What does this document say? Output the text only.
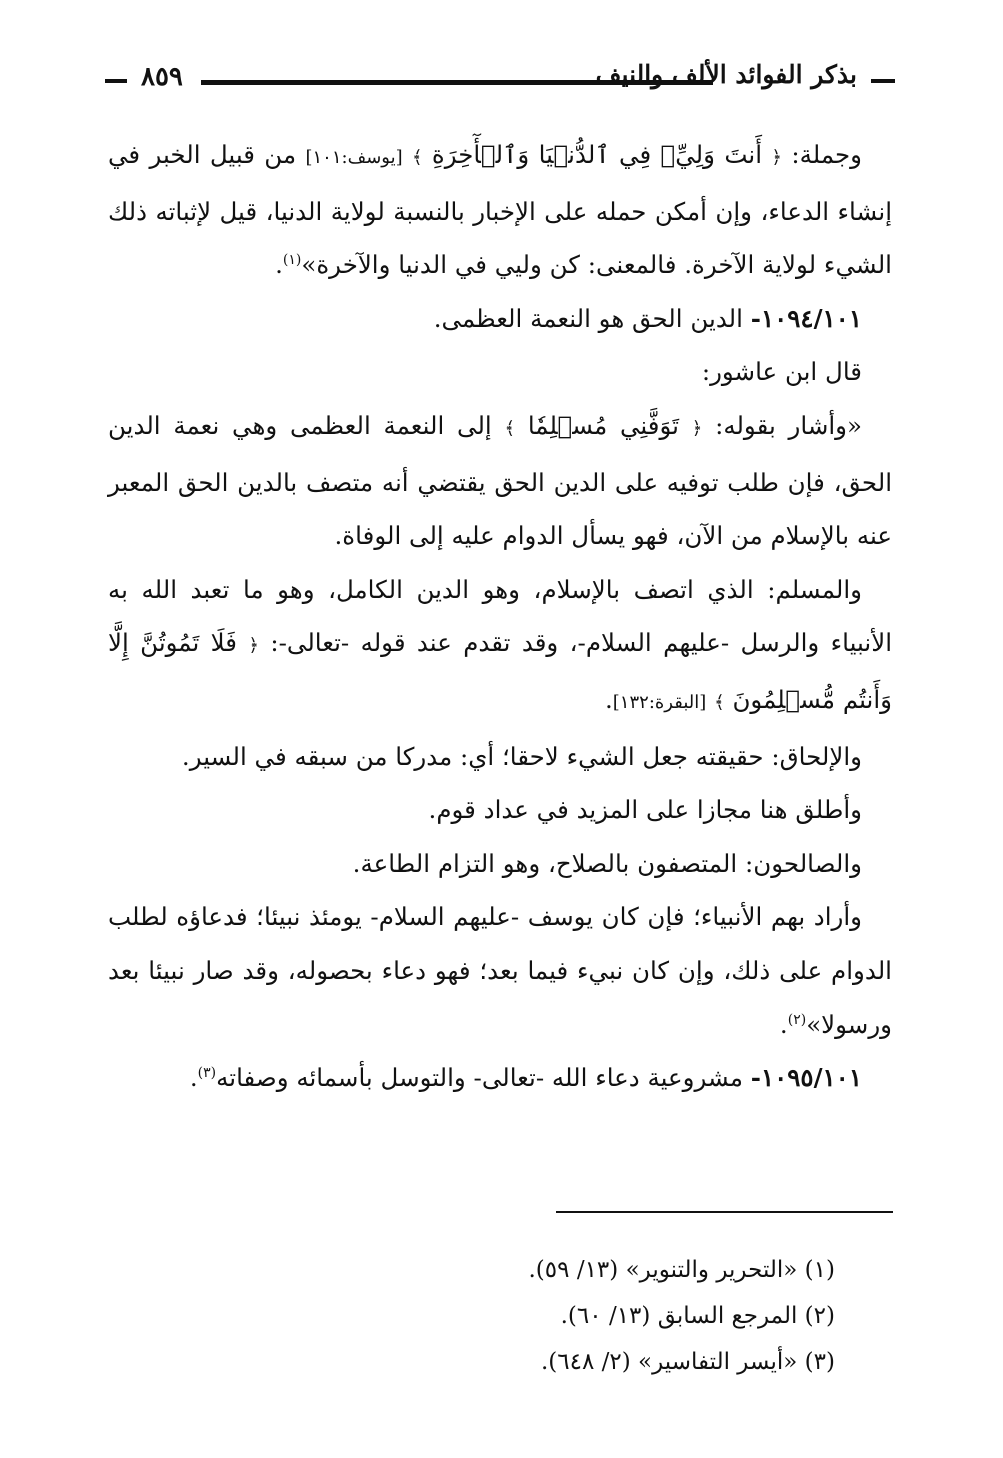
٨٥٩	بذكر الفوائد الألف والنيف

وجملة: ﴿ أَنتَ وَلِيِّۦ فِي ٱلدُّنۡيَا وَٱلۡأٓخِرَةِ ﴾ [يوسف:١٠١] من قبيل الخبر في إنشاء الدعاء، وإن أمكن حمله على الإخبار بالنسبة لولاية الدنيا، قيل لإثباته ذلك الشيء لولاية الآخرة. فالمعنى: كن وليي في الدنيا والآخرة»$^{(١)}$.

١٠٩٤/١٠١- الدين الحق هو النعمة العظمى.

قال ابن عاشور:

«وأشار بقوله: ﴿ تَوَفَّنِي مُسۡلِمٗا ﴾ إلى النعمة العظمى وهي نعمة الدين الحق، فإن طلب توفيه على الدين الحق يقتضي أنه متصف بالدين الحق المعبر عنه بالإسلام من الآن، فهو يسأل الدوام عليه إلى الوفاة.

والمسلم: الذي اتصف بالإسلام، وهو الدين الكامل، وهو ما تعبد الله به الأنبياء والرسل -عليهم السلام-، وقد تقدم عند قوله -تعالى-: ﴿ فَلَا تَمُوتُنَّ إِلَّا وَأَنتُم مُّسۡلِمُونَ ﴾ [البقرة:١٣٢].

والإلحاق: حقيقته جعل الشيء لاحقا؛ أي: مدركا من سبقه في السير.

وأطلق هنا مجازا على المزيد في عداد قوم.

والصالحون: المتصفون بالصلاح، وهو التزام الطاعة.

وأراد بهم الأنبياء؛ فإن كان يوسف -عليهم السلام- يومئذ نبيئا؛ فدعاؤه لطلب الدوام على ذلك، وإن كان نبيء فيما بعد؛ فهو دعاء بحصوله، وقد صار نبيئا بعد ورسولا»$^{(٢)}$.

١٠٩٥/١٠١- مشروعية دعاء الله -تعالى- والتوسل بأسمائه وصفاته$^{(٣)}$.

(١) «التحرير والتنوير» (١٣/ ٥٩).

(٢) المرجع السابق (١٣/ ٦٠).

(٣) «أيسر التفاسير» (٢/ ٦٤٨).
